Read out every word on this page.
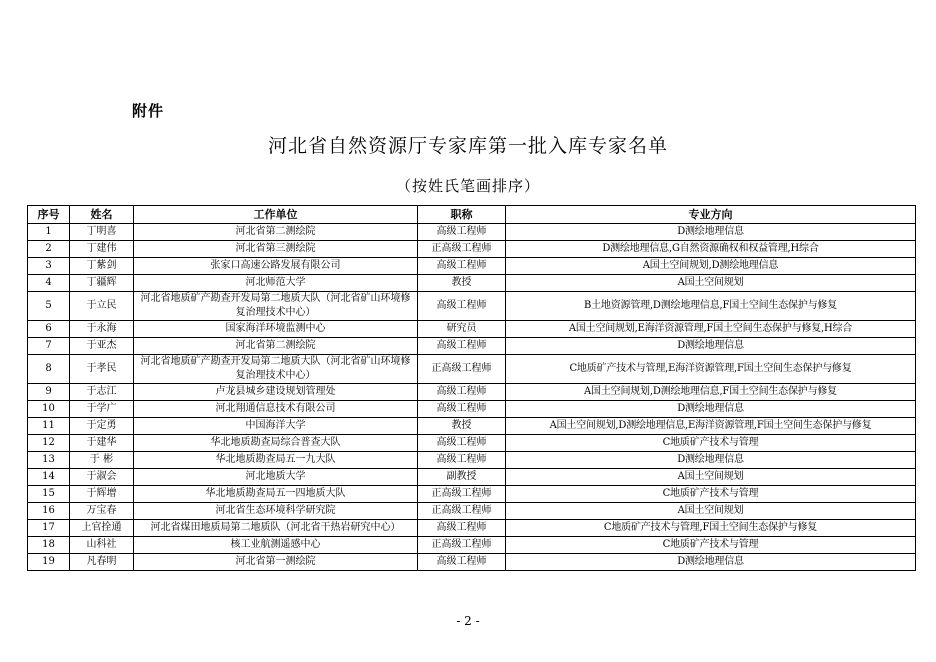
附件
河北省自然资源厅专家库第一批入库专家名单
（按姓氏笔画排序）
序号	姓名	工作单位	职称	专业方向
1	丁明喜	河北省第二测绘院	高级工程师	D测绘地理信息
2	丁建伟	河北省第三测绘院	正高级工程师	D测绘地理信息,G自然资源确权和权益管理,H综合
3	丁紫剑	张家口高速公路发展有限公司	高级工程师	A国土空间规划,D测绘地理信息
4	丁疆辉	河北师范大学	教授	A国土空间规划
5	于立民	河北省地质矿产勘查开发局第二地质大队（河北省矿山环境修复治理技术中心）	高级工程师	B土地资源管理,D测绘地理信息,F国土空间生态保护与修复
6	于永海	国家海洋环境监测中心	研究员	A国土空间规划,E海洋资源管理,F国土空间生态保护与修复,H综合
7	于亚杰	河北省第二测绘院	高级工程师	D测绘地理信息
8	于孝民	河北省地质矿产勘查开发局第二地质大队（河北省矿山环境修复治理技术中心）	正高级工程师	C地质矿产技术与管理,E海洋资源管理,F国土空间生态保护与修复
9	于志江	卢龙县城乡建设规划管理处	高级工程师	A国土空间规划,D测绘地理信息,F国土空间生态保护与修复
10	于学广	河北翔通信息技术有限公司	高级工程师	D测绘地理信息
11	于定勇	中国海洋大学	教授	A国土空间规划,D测绘地理信息,E海洋资源管理,F国土空间生态保护与修复
12	于建华	华北地质勘查局综合普查大队	高级工程师	C地质矿产技术与管理
13	于 彬	华北地质勘查局五一九大队	高级工程师	D测绘地理信息
14	于淑会	河北地质大学	副教授	A国土空间规划
15	于辉增	华北地质勘查局五一四地质大队	正高级工程师	C地质矿产技术与管理
16	万宝春	河北省生态环境科学研究院	正高级工程师	A国土空间规划
17	上官拴通	河北省煤田地质局第二地质队（河北省干热岩研究中心）	高级工程师	C地质矿产技术与管理,F国土空间生态保护与修复
18	山科社	核工业航测遥感中心	正高级工程师	C地质矿产技术与管理
19	凡春明	河北省第一测绘院	高级工程师	D测绘地理信息
- 2 -
